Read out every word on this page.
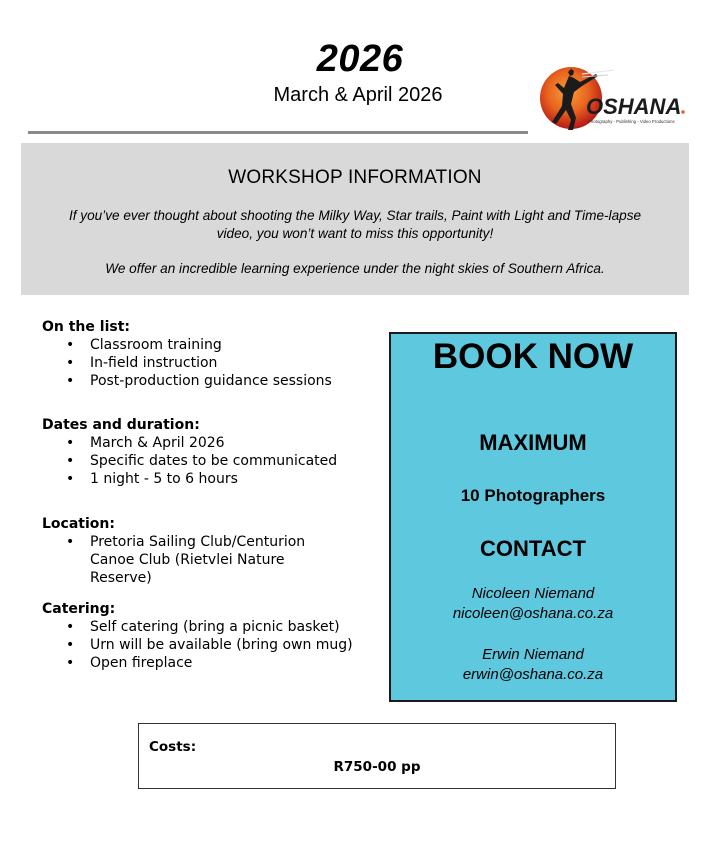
2026
March & April 2026	OSHANA
Photography - Publishing - Video Productions
WORKSHOP INFORMATION
If you’ve ever thought about shooting the Milky Way, Star trails, Paint with Light and Time-lapse video, you won’t want to miss this opportunity!
We offer an incredible learning experience under the night skies of Southern Africa.
On the list:
• Classroom training
• In-field instruction
• Post-production guidance sessions
Dates and duration:
• March & April 2026
• Specific dates to be communicated
• 1 night - 5 to 6 hours
Location:
• Pretoria Sailing Club/Centurion Canoe Club (Rietvlei Nature Reserve)
Catering:
• Self catering (bring a picnic basket)
• Urn will be available (bring own mug)
• Open fireplace
BOOK NOW
MAXIMUM
10 Photographers
CONTACT
Nicoleen Niemand
nicoleen@oshana.co.za
Erwin Niemand
erwin@oshana.co.za
Costs:
R750-00 pp
